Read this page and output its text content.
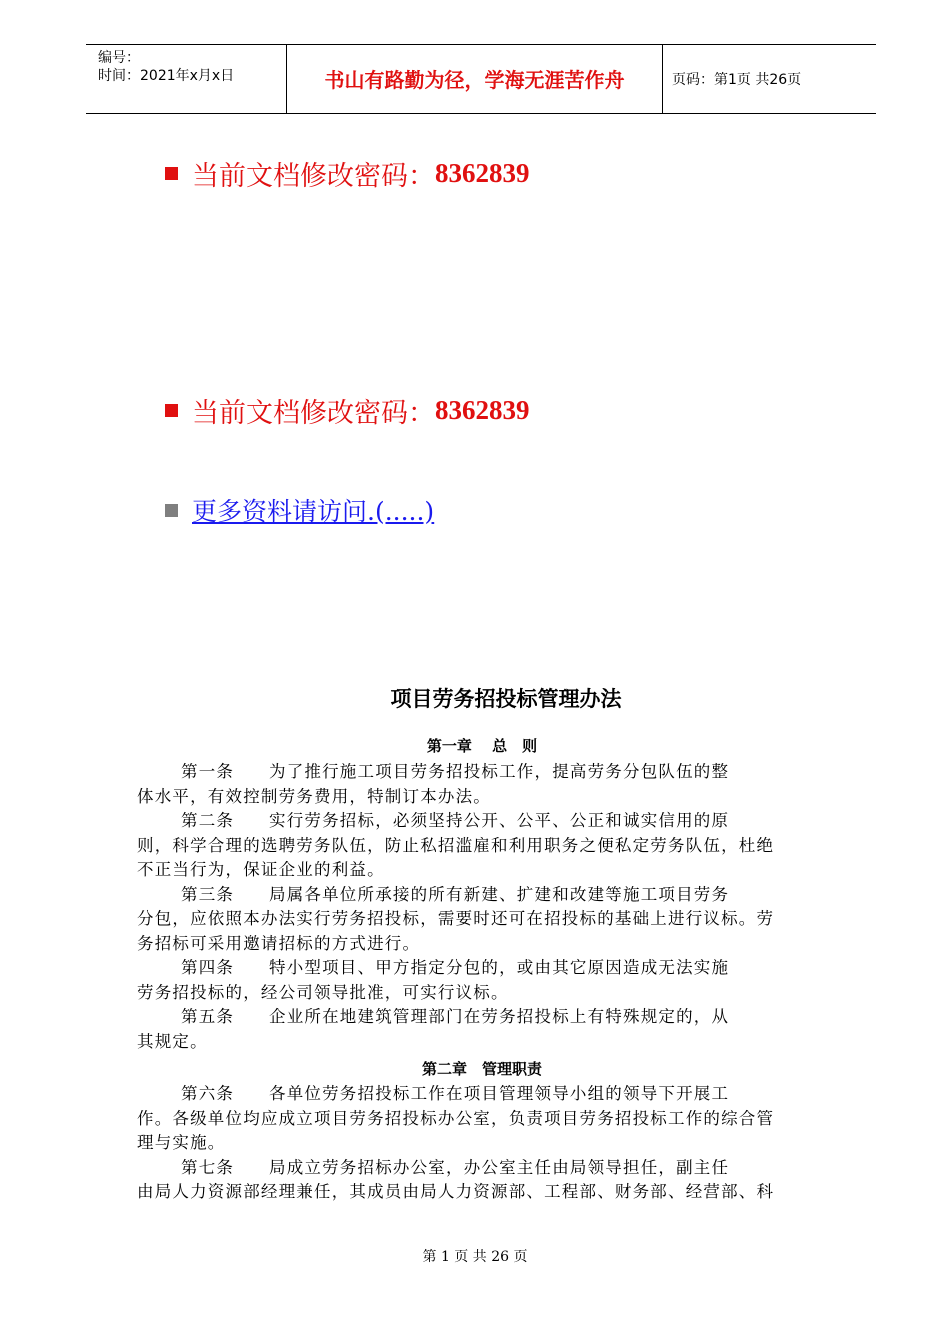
编号：
时间：2021年x月x日	书山有路勤为径，学海无涯苦作舟	页码：第1页 共26页
当前文档修改密码： 8362839
当前文档修改密码： 8362839
更多资料请访问.(.....)
项目劳务招投标管理办法
第一章　 总　则
第一条 为了推行施工项目劳务招投标工作，提高劳务分包队伍的整
体水平，有效控制劳务费用，特制订本办法。
第二条 实行劳务招标，必须坚持公开、公平、公正和诚实信用的原
则，科学合理的选聘劳务队伍，防止私招滥雇和利用职务之便私定劳务队伍，杜绝
不正当行为，保证企业的利益。
第三条 局属各单位所承接的所有新建、扩建和改建等施工项目劳务
分包，应依照本办法实行劳务招投标，需要时还可在招投标的基础上进行议标。劳
务招标可采用邀请招标的方式进行。
第四条 特小型项目、甲方指定分包的，或由其它原因造成无法实施
劳务招投标的，经公司领导批准，可实行议标。
第五条 企业所在地建筑管理部门在劳务招投标上有特殊规定的，从
其规定。
第二章　管理职责
第六条 各单位劳务招投标工作在项目管理领导小组的领导下开展工
作。各级单位均应成立项目劳务招投标办公室，负责项目劳务招投标工作的综合管
理与实施。
第七条 局成立劳务招标办公室，办公室主任由局领导担任，副主任
由局人力资源部经理兼任，其成员由局人力资源部、工程部、财务部、经营部、科
第 1 页 共 26 页
